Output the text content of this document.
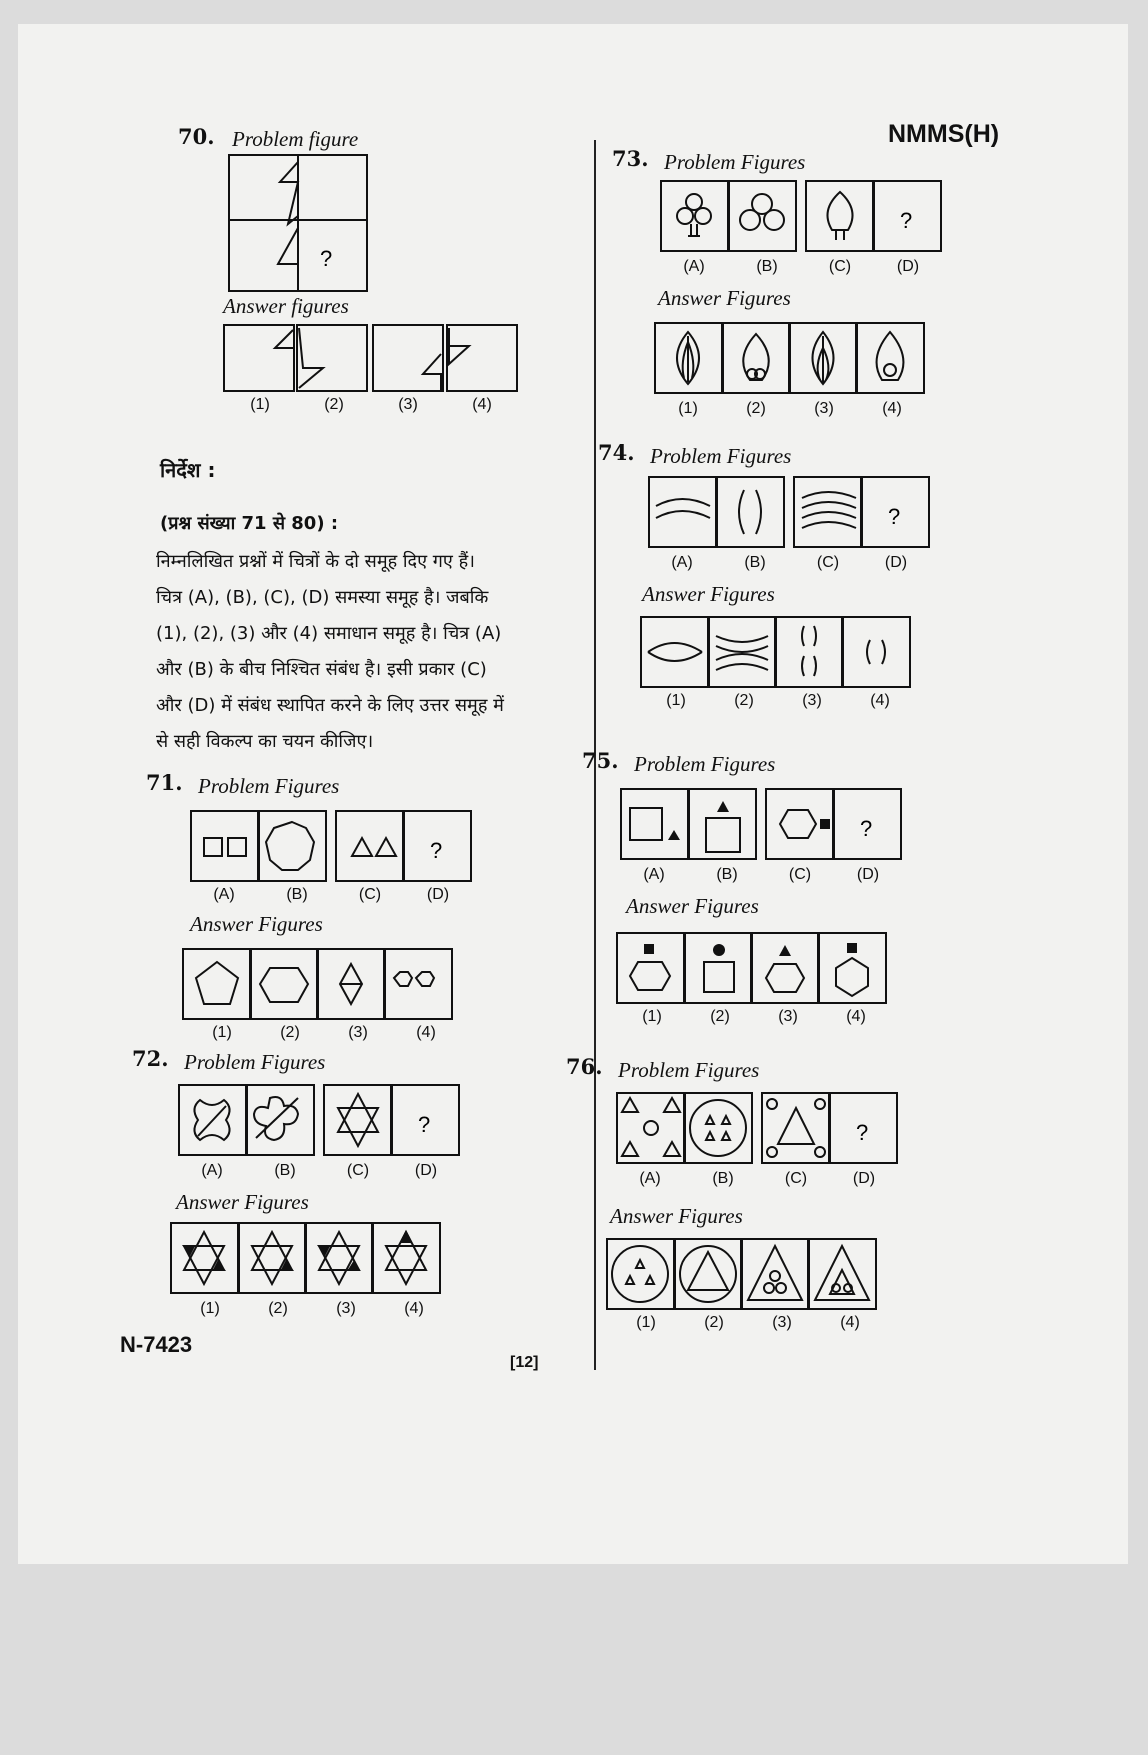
NMMS(H)
70. Problem figure
?
Answer figures
(1)	(2)	(3)	(4)
निर्देश :
(प्रश्न संख्या 71 से 80) :
निम्नलिखित प्रश्नों में चित्रों के दो समूह दिए गए हैं।
चित्र (A), (B), (C), (D) समस्या समूह है। जबकि
(1), (2), (3) और (4) समाधान समूह है। चित्र (A)
और (B) के बीच निश्चित संबंध है। इसी प्रकार (C)
और (D) में संबंध स्थापित करने के लिए उत्तर समूह में
से सही विकल्प का चयन कीजिए।
71. Problem Figures
?
(A)	(B)	(C)	(D)
Answer Figures
(1)	(2)	(3)	(4)
72. Problem Figures
?
(A)	(B)	(C)	(D)
Answer Figures
(1)	(2)	(3)	(4)
73. Problem Figures
?
(A)	(B)	(C)	(D)
Answer Figures
(1)	(2)	(3)	(4)
74. Problem Figures
?
(A)	(B)	(C)	(D)
Answer Figures
(1)	(2)	(3)	(4)
75. Problem Figures
?
(A)	(B)	(C)	(D)
Answer Figures
(1)	(2)	(3)	(4)
76. Problem Figures
?
(A)	(B)	(C)	(D)
Answer Figures
(1)	(2)	(3)	(4)
N-7423
[12]
